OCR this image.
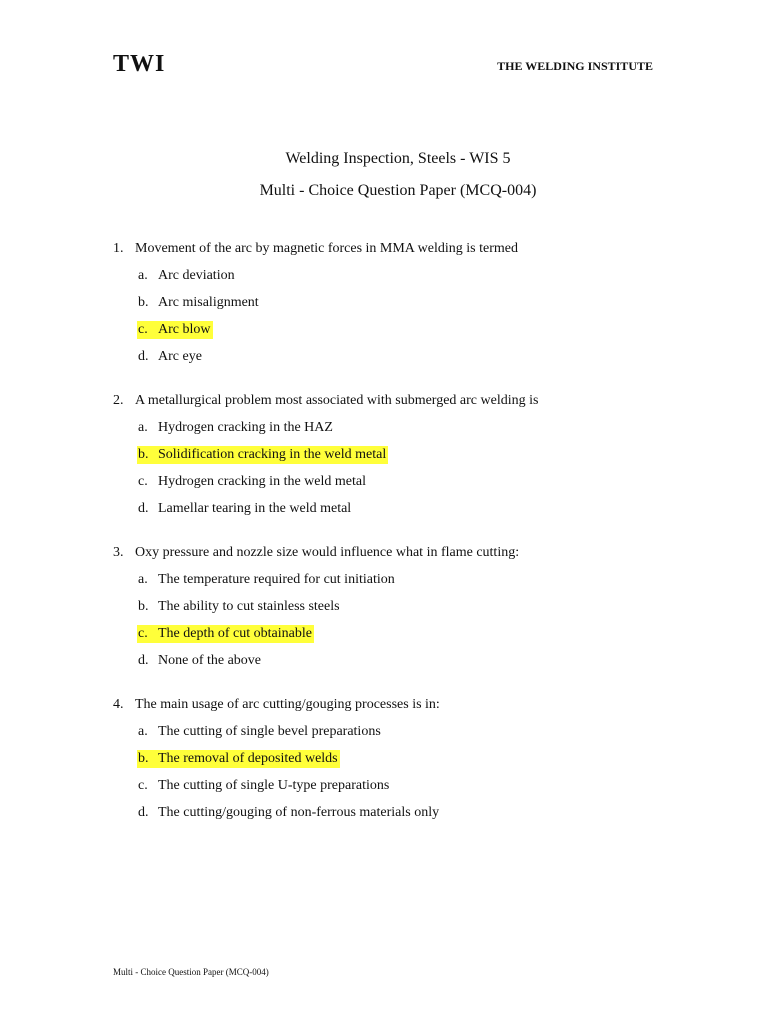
TWI	THE WELDING INSTITUTE
Welding Inspection, Steels - WIS 5
Multi - Choice Question Paper (MCQ-004)
1. Movement of the arc by magnetic forces in MMA welding is termed
a. Arc deviation
b. Arc misalignment
c. Arc blow
d. Arc eye
2. A metallurgical problem most associated with submerged arc welding is
a. Hydrogen cracking in the HAZ
b. Solidification cracking in the weld metal
c. Hydrogen cracking in the weld metal
d. Lamellar tearing in the weld metal
3. Oxy pressure and nozzle size would influence what in flame cutting:
a. The temperature required for cut initiation
b. The ability to cut stainless steels
c. The depth of cut obtainable
d. None of the above
4. The main usage of arc cutting/gouging processes is in:
a. The cutting of single bevel preparations
b. The removal of deposited welds
c. The cutting of single U-type preparations
d. The cutting/gouging of non-ferrous materials only
Multi - Choice Question Paper (MCQ-004)
